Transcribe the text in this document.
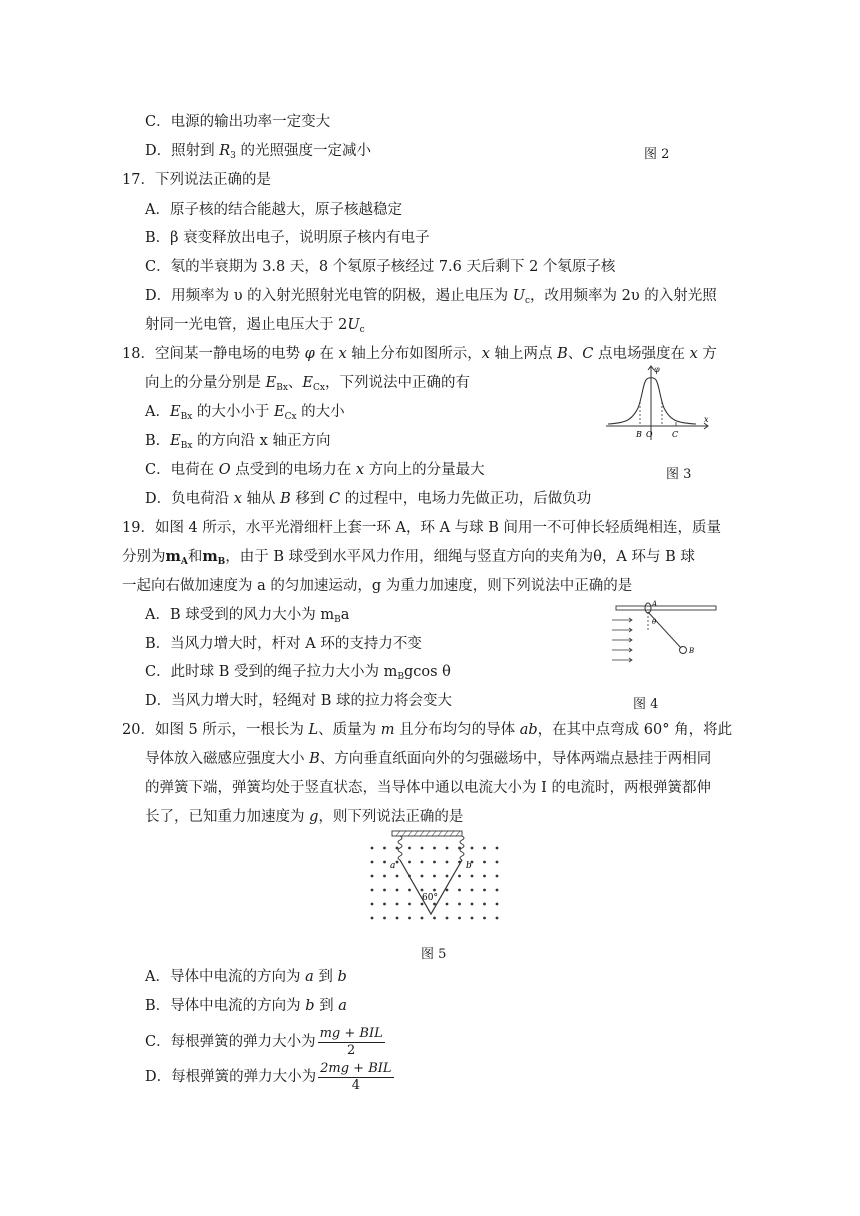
C．电源的输出功率一定变大
D．照射到 $R_3$ 的光照强度一定减小	图 2
17．下列说法正确的是
A．原子核的结合能越大，原子核越稳定
B．β 衰变释放出电子，说明原子核内有电子
C．氡的半衰期为 3.8 天，8 个氡原子核经过 7.6 天后剩下 2 个氡原子核
D．用频率为 υ 的入射光照射光电管的阴极，遏止电压为 $U_c$，改用频率为 2υ 的入射光照
射同一光电管，遏止电压大于 $2U_c$
18．空间某一静电场的电势 φ 在 x 轴上分布如图所示，x 轴上两点 B、C 点电场强度在 x 方
向上的分量分别是 $E_{Bx}$、$E_{Cx}$，下列说法中正确的有
A．$E_{Bx}$ 的大小小于 $E_{Cx}$ 的大小
B．$E_{Bx}$ 的方向沿 x 轴正方向
C．电荷在 O 点受到的电场力在 x 方向上的分量最大
D．负电荷沿 x 轴从 B 移到 C 的过程中，电场力先做正功，后做负功
图 3
φ
x
B O C
19．如图 4 所示，水平光滑细杆上套一环 A，环 A 与球 B 间用一不可伸长轻质绳相连，质量
分别为$m_A$和$m_B$，由于 B 球受到水平风力作用，细绳与竖直方向的夹角为θ，A 环与 B 球
一起向右做加速度为 a 的匀加速运动，g 为重力加速度，则下列说法中正确的是
A．B 球受到的风力大小为 $m_Ba$
B．当风力增大时，杆对 A 环的支持力不变
C．此时球 B 受到的绳子拉力大小为 $m_Bgcos$ θ
D．当风力增大时，轻绳对 B 球的拉力将会变大	图 4
A
θ
B
20．如图 5 所示，一根长为 L、质量为 m 且分布均匀的导体 ab，在其中点弯成 60° 角，将此
导体放入磁感应强度大小 B、方向垂直纸面向外的匀强磁场中，导体两端点悬挂于两相同
的弹簧下端，弹簧均处于竖直状态，当导体中通以电流大小为 I 的电流时，两根弹簧都伸
长了，已知重力加速度为 g，则下列说法正确的是
a	b
60°
图 5
A．导体中电流的方向为 a 到 b
B．导体中电流的方向为 b 到 a
C．每根弹簧的弹力大小为 $\frac{\text{mg + BIL}}{2}$
D．每根弹簧的弹力大小为 $\frac{\text{2mg + BIL}}{4}$
